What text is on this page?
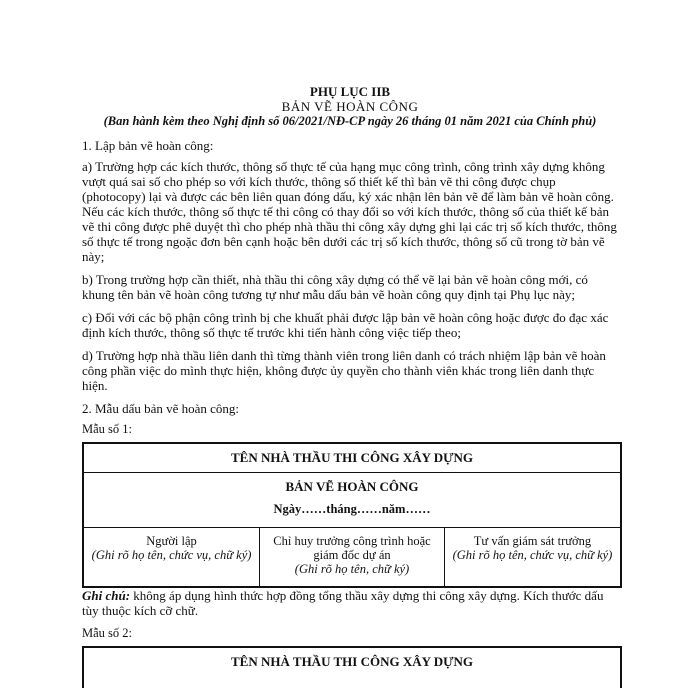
PHỤ LỤC IIB
BẢN VẼ HOÀN CÔNG
(Ban hành kèm theo Nghị định số 06/2021/NĐ-CP ngày 26 tháng 01 năm 2021 của Chính phủ)

1. Lập bản vẽ hoàn công:

a) Trường hợp các kích thước, thông số thực tế của hạng mục công trình, công trình xây dựng không vượt quá sai số cho phép so với kích thước, thông số thiết kế thì bản vẽ thi công được chụp (photocopy) lại và được các bên liên quan đóng dấu, ký xác nhận lên bản vẽ để làm bản vẽ hoàn công. Nếu các kích thước, thông số thực tế thi công có thay đổi so với kích thước, thông số của thiết kế bản vẽ thi công được phê duyệt thì cho phép nhà thầu thi công xây dựng ghi lại các trị số kích thước, thông số thực tế trong ngoặc đơn bên cạnh hoặc bên dưới các trị số kích thước, thông số cũ trong tờ bản vẽ này;

b) Trong trường hợp cần thiết, nhà thầu thi công xây dựng có thể vẽ lại bản vẽ hoàn công mới, có khung tên bản vẽ hoàn công tương tự như mẫu dấu bản vẽ hoàn công quy định tại Phụ lục này;

c) Đối với các bộ phận công trình bị che khuất phải được lập bản vẽ hoàn công hoặc được đo đạc xác định kích thước, thông số thực tế trước khi tiến hành công việc tiếp theo;

d) Trường hợp nhà thầu liên danh thì từng thành viên trong liên danh có trách nhiệm lập bản vẽ hoàn công phần việc do mình thực hiện, không được ủy quyền cho thành viên khác trong liên danh thực hiện.

2. Mẫu dấu bản vẽ hoàn công:

Mẫu số 1:
TÊN NHÀ THẦU THI CÔNG XÂY DỰNG
BẢN VẼ HOÀN CÔNG
Ngày……tháng……năm……
Người lập
(Ghi rõ họ tên, chức vụ, chữ ký)
Chỉ huy trưởng công trình hoặc giám đốc dự án
(Ghi rõ họ tên, chữ ký)
Tư vấn giám sát trưởng
(Ghi rõ họ tên, chức vụ, chữ ký)

Ghi chú: không áp dụng hình thức hợp đồng tổng thầu xây dựng thi công xây dựng. Kích thước dấu tùy thuộc kích cỡ chữ.

Mẫu số 2:
TÊN NHÀ THẦU THI CÔNG XÂY DỰNG
